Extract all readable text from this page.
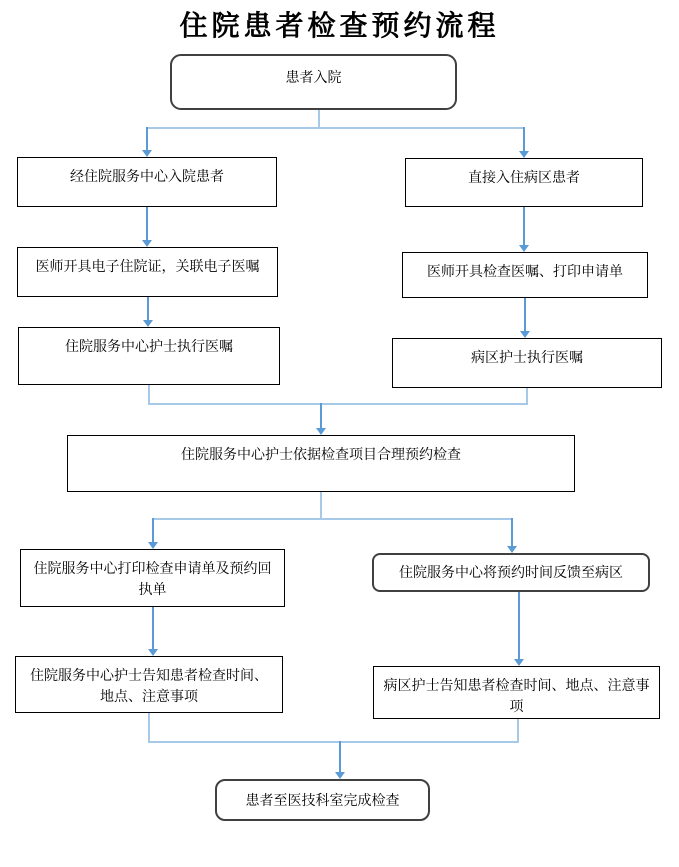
住院患者检查预约流程
患者入院
经住院服务中心入院患者	直接入住病区患者
医师开具电子住院证，关联电子医嘱	医师开具检查医嘱、打印申请单
住院服务中心护士执行医嘱
病区护士执行医嘱
住院服务中心护士依据检查项目合理预约检查
住院服务中心打印检查申请单及预约回执单
住院服务中心将预约时间反馈至病区
住院服务中心护士告知患者检查时间、地点、注意事项
病区护士告知患者检查时间、地点、注意事项
患者至医技科室完成检查
